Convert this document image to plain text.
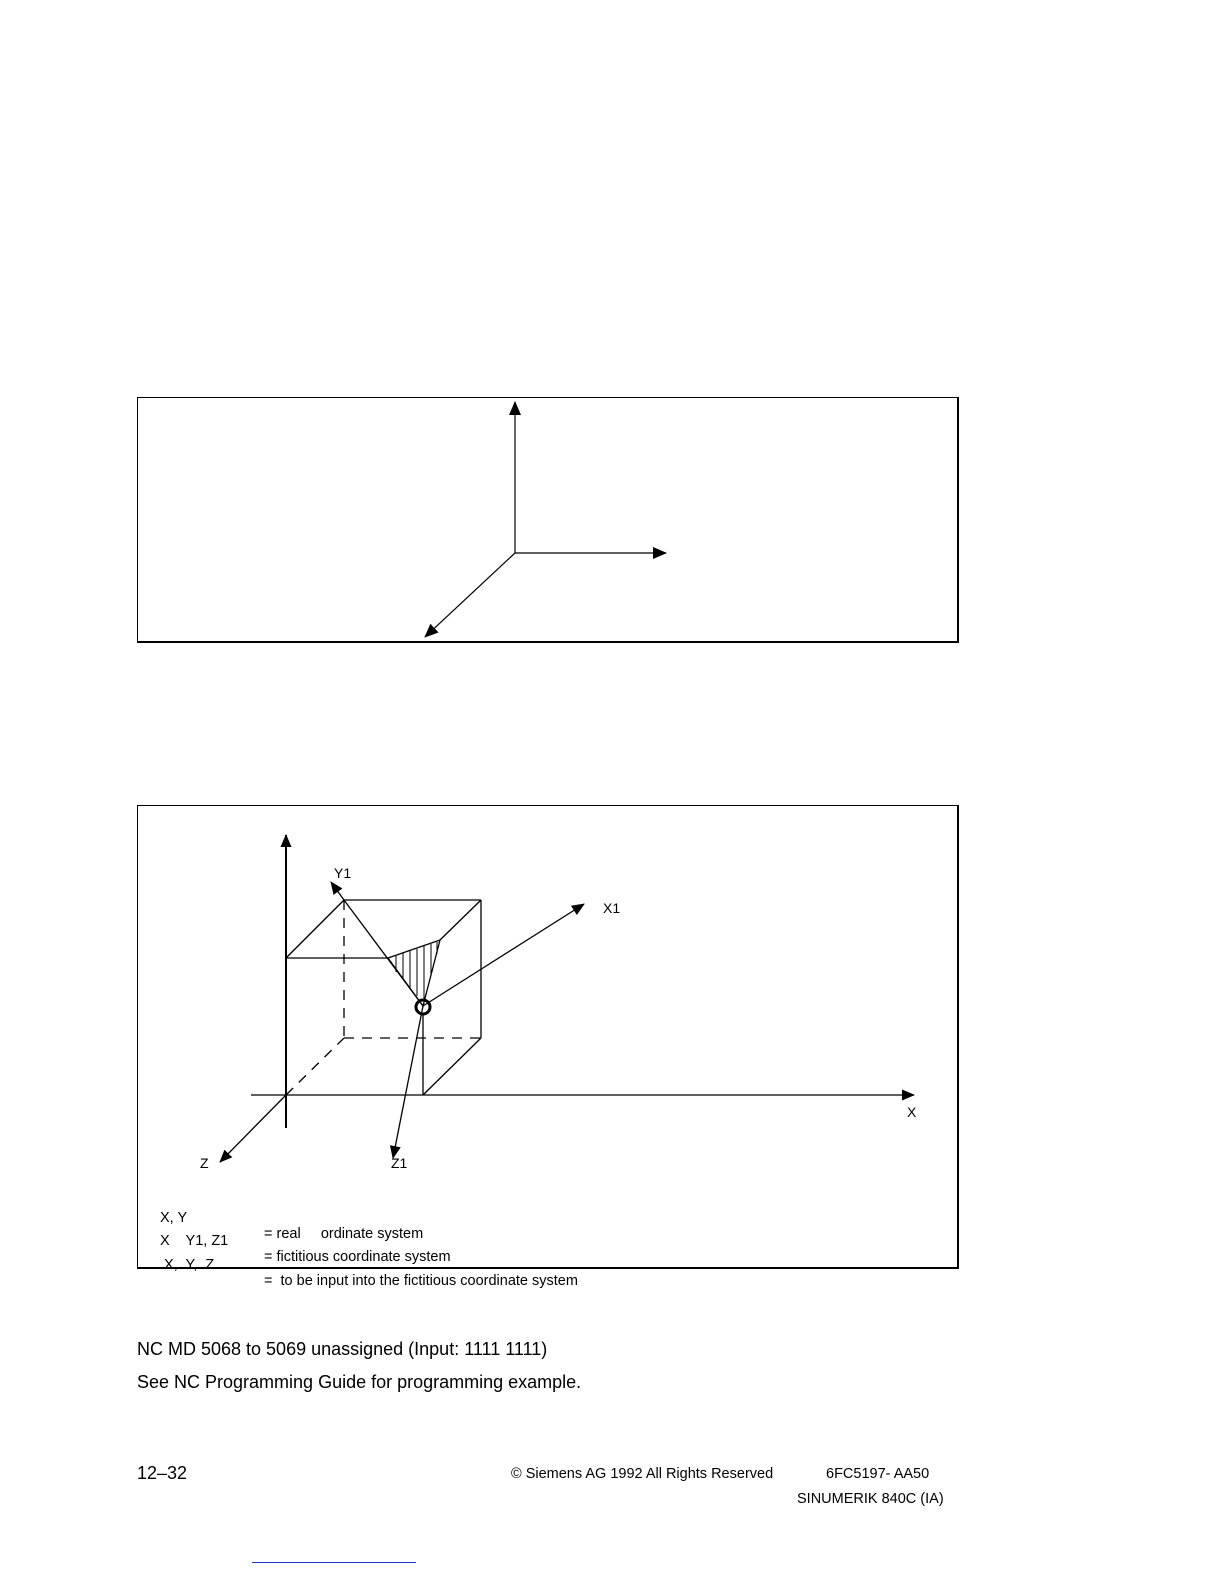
Y1
X1
X
Z	Z1

X, Y

= real     ordinate system

X    Y1, Z1

= fictitious coordinate system

X,  Y,  Z

=  to be input into the fictitious coordinate system

NC MD 5068 to 5069 unassigned (Input: 1111 1111)
See NC Programming Guide for programming example.
12–32	© Siemens AG 1992 All Rights Reserved	6FC5197- AA50
SINUMERIK 840C (IA)
